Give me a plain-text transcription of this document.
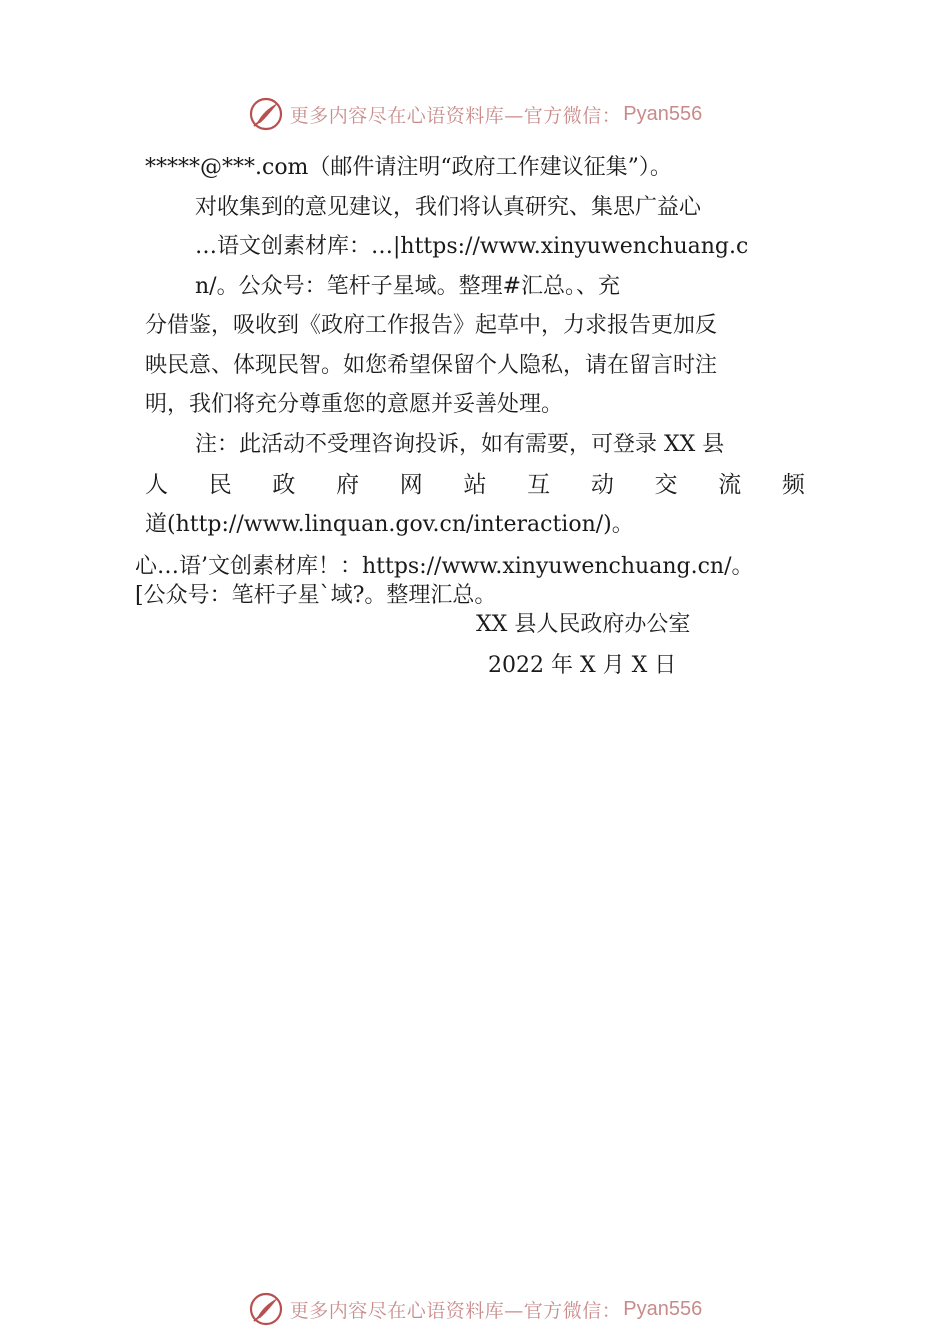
更多内容尽在心语资料库—官方微信： Pyan556
*****@***.com（邮件请注明“政府工作建议征集”）。
对收集到的意见建议，我们将认真研究、集思广益心
…语文创素材库：…|https://www.xinyuwenchuang.c
n/。公众号：笔杆子星域。整理#汇总。、充
分借鉴，吸收到《政府工作报告》起草中，力求报告更加反
映民意、体现民智。如您希望保留个人隐私，请在留言时注
明，我们将充分尊重您的意愿并妥善处理。
注：此活动不受理咨询投诉，如有需要，可登录 XX 县
人 民 政 府 网 站 互 动 交 流 频
道(http://www.linquan.gov.cn/interaction/)。
心…语’文创素材库！：https://www.xinyuwenchuang.cn/。
[公众号：笔杆子星`域?。整理汇总。
XX 县人民政府办公室
2022 年 X 月 X 日
更多内容尽在心语资料库—官方微信： Pyan556
